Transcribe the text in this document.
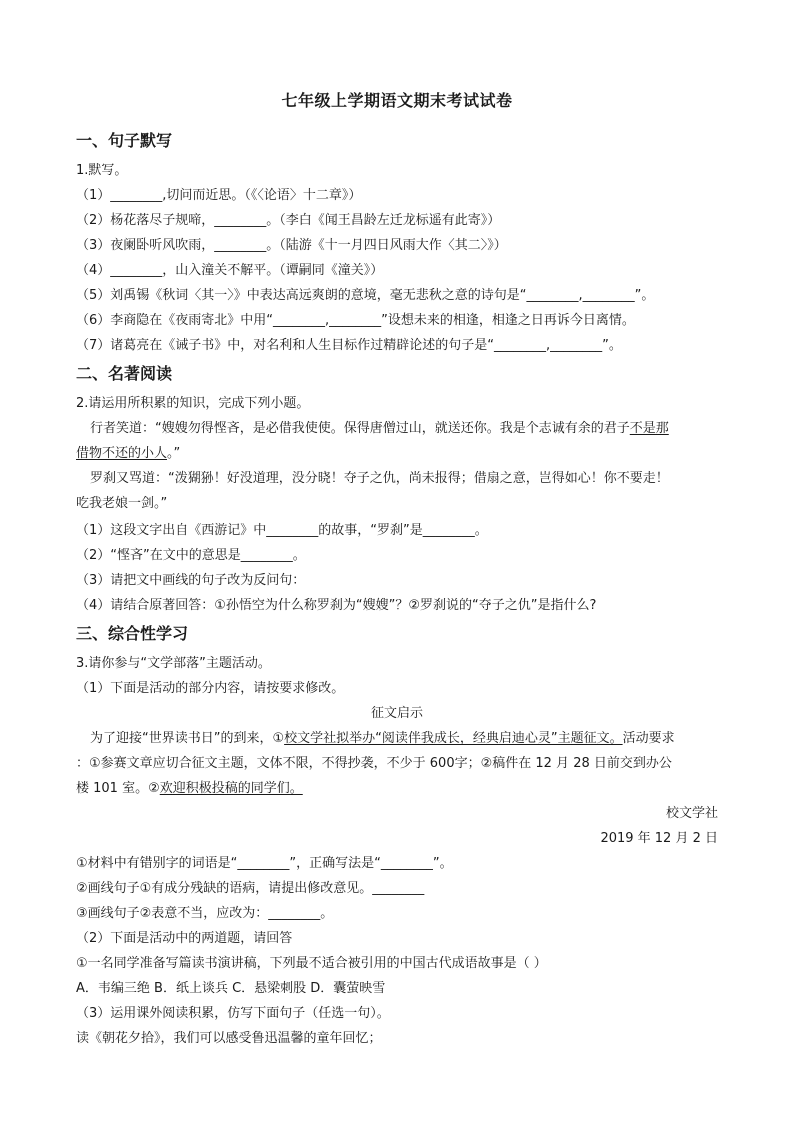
七年级上学期语文期末考试试卷
一、句子默写
1.默写。
（1）________,切问而近思。（《〈论语〉十二章》）
（2）杨花落尽子规啼，________。（李白《闻王昌龄左迁龙标遥有此寄》）
（3）夜阑卧听风吹雨，________。（陆游《十一月四日风雨大作〈其二〉》）
（4）________，山入潼关不解平。（谭嗣同《潼关》）
（5）刘禹锡《秋词〈其一〉》中表达高远爽朗的意境，毫无悲秋之意的诗句是“________,________”。
（6）李商隐在《夜雨寄北》中用“________,________”设想未来的相逢，相逢之日再诉今日离情。
（7）诸葛亮在《诫子书》中，对名利和人生目标作过精辟论述的句子是“________,________”。
二、名著阅读
2.请运用所积累的知识，完成下列小题。
行者笑道：“嫂嫂勿得悭吝，是必借我使使。保得唐僧过山，就送还你。我是个志诚有余的君子不是那
借物不还的小人。”
罗刹又骂道：“泼猢狲！好没道理，没分晓！夺子之仇，尚未报得；借扇之意，岂得如心！你不要走！
吃我老娘一剑。”
（1）这段文字出自《西游记》中________的故事，“罗刹”是________。
（2）“悭吝”在文中的意思是________。
（3）请把文中画线的句子改为反问句：
（4）请结合原著回答：①孙悟空为什么称罗刹为“嫂嫂”？②罗刹说的“夺子之仇”是指什么?
三、综合性学习
3.请你参与“文学部落”主题活动。
（1）下面是活动的部分内容，请按要求修改。
征文启示
为了迎接“世界读书日”的到来，①校文学社拟举办“阅读伴我成长，经典启迪心灵”主题征文。活动要求
：①参赛文章应切合征文主题，文体不限，不得抄袭，不少于 600字；②稿件在 12 月 28 日前交到办公
楼 101 室。②欢迎积极投稿的同学们。
校文学社
2019 年 12 月 2 日
①材料中有错别字的词语是“________”，正确写法是“________”。
②画线句子①有成分残缺的语病，请提出修改意见。________
③画线句子②表意不当，应改为：________。
（2）下面是活动中的两道题，请回答
①一名同学准备写篇读书演讲稿，下列最不适合被引用的中国古代成语故事是（ ）
A．韦编三绝 B．纸上谈兵 C．悬梁刺股 D．囊萤映雪
（3）运用课外阅读积累，仿写下面句子（任选一句）。
读《朝花夕拾》，我们可以感受鲁迅温馨的童年回忆；
